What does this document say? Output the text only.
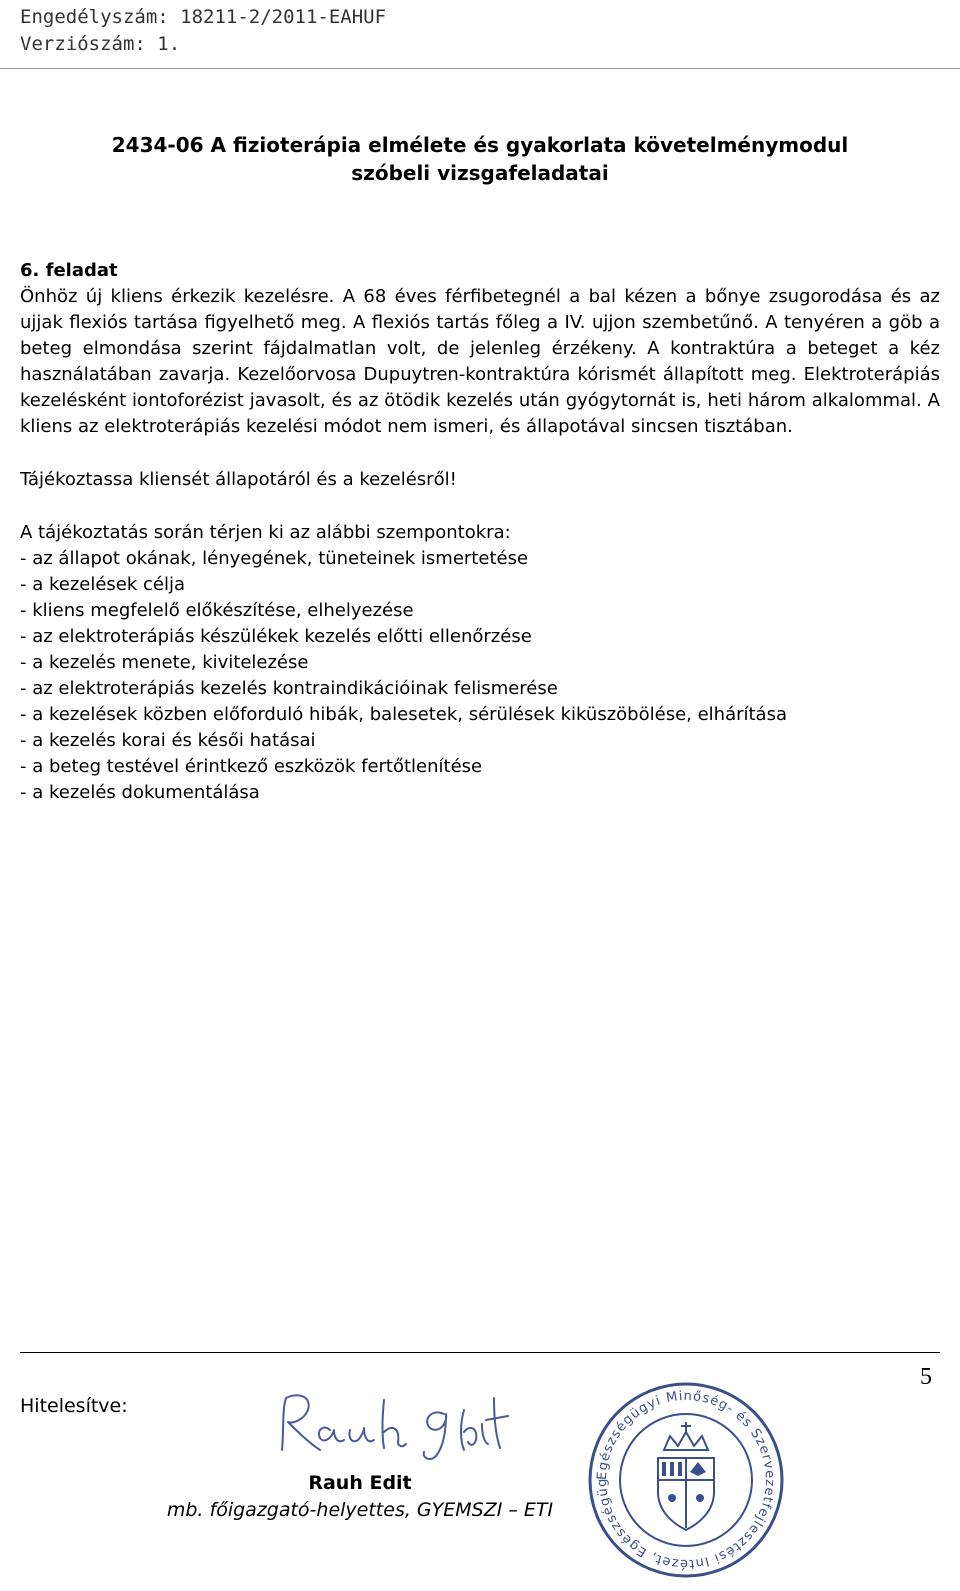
Engedélyszám: 18211-2/2011-EAHUF
Verziószám: 1.
2434-06 A fizioterápia elmélete és gyakorlata követelménymodul
szóbeli vizsgafeladatai
6. feladat

Önhöz új kliens érkezik kezelésre. A 68 éves férfibetegnél a bal kézen a bőnye zsugorodása és az ujjak flexiós tartása figyelhető meg. A flexiós tartás főleg a IV. ujjon szembetűnő. A tenyéren a göb a beteg elmondása szerint fájdalmatlan volt, de jelenleg érzékeny. A kontraktúra a beteget a kéz használatában zavarja. Kezelőorvosa Dupuytren-kontraktúra kórismét állapított meg. Elektroterápiás kezelésként iontoforézist javasolt, és az ötödik kezelés után gyógytornát is, heti három alkalommal. A kliens az elektroterápiás kezelési módot nem ismeri, és állapotával sincsen tisztában.

Tájékoztassa kliensét állapotáról és a kezelésről!

A tájékoztatás során térjen ki az alábbi szempontokra:

- az állapot okának, lényegének, tüneteinek ismertetése
- a kezelések célja
- kliens megfelelő előkészítése, elhelyezése
- az elektroterápiás készülékek kezelés előtti ellenőrzése
- a kezelés menete, kivitelezése
- az elektroterápiás kezelés kontraindikációinak felismerése
- a kezelések közben előforduló hibák, balesetek, sérülések kiküszöbölése, elhárítása
- a kezelés korai és késői hatásai
- a beteg testével érintkező eszközök fertőtlenítése
- a kezelés dokumentálása
5
Hitelesítve:
Rauh Edit
mb. főigazgató-helyettes, GYEMSZI – ETI
Egészségügyi Minőség- és Szervezetfejlesztési Intézet, Egészségüg
